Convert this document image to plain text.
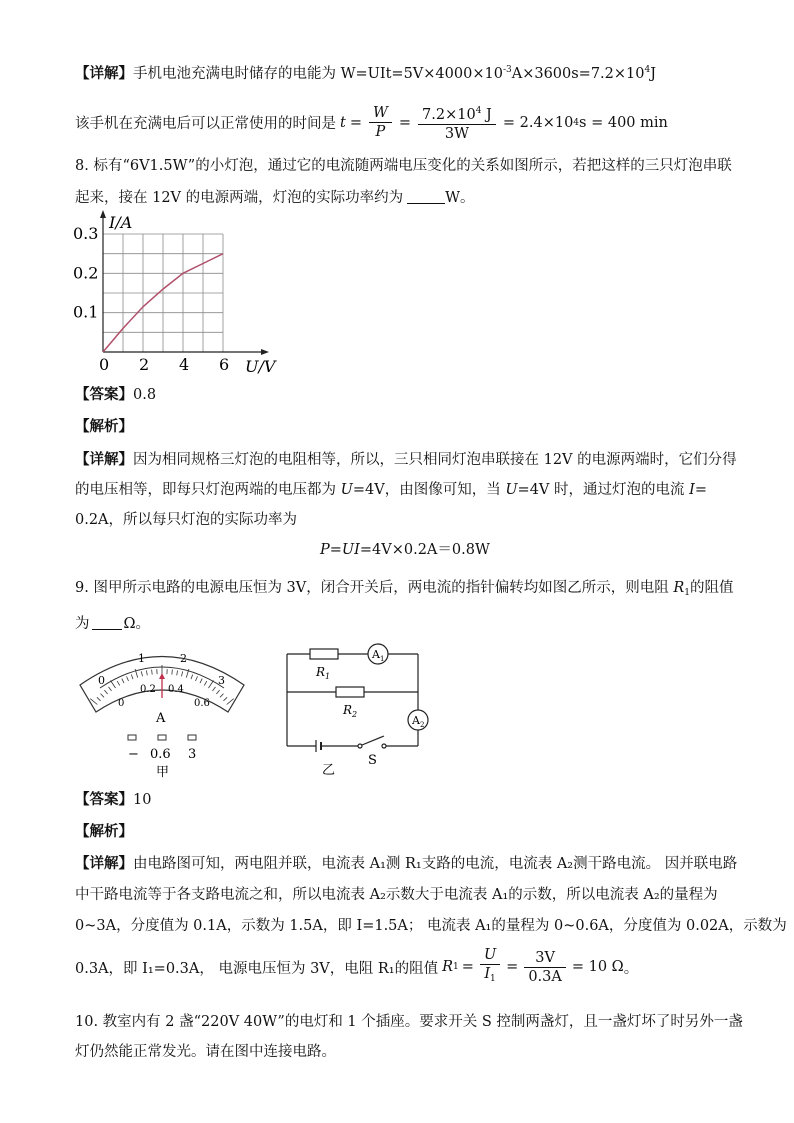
【详解】手机电池充满电时储存的电能为 $W=UIt=5V\times 4000\times 10^{-3}A\times 3600s=7.2\times 10^4J$
该手机在充满电后可以正常使用的时间是 $t = \frac{W}{P} = \frac{7.2\times 10^4 J}{3W} = 2.4\times 10$ 4 s = 400 min
8. 标有“6V1.5W”的小灯泡，通过它的电流随两端电压变化的关系如图所示，若把这样的三只灯泡串联
起来，接在 12V 的电源两端，灯泡的实际功率约为	W。
0 2 4 6
0.1
0.2
0.3
I/A
U/V
【答案】0.8
【解析】
【详解】因为相同规格三灯泡的电阻相等，所以，三只相同灯泡串联接在 12V 的电源两端时，它们分得
的电压相等，即每只灯泡两端的电压都为 U=4V，由图像可知，当 U=4V 时，通过灯泡的电流 I=
0.2A，所以每只灯泡的实际功率为
P=UI=4V×0.2A＝0.8W
9. 图甲所示电路的电源电压恒为 3V，闭合开关后，两电流的指针偏转均如图乙所示，则电阻 $R_1$的阻值
为 Ω。
0
1	2
3
0
0.2 0.4
0.6
A
− 0.6 3
甲
$R_1$
$A_1$
$R_2$	$A_2$
S
乙
【答案】10
【解析】
【详解】由电路图可知，两电阻并联，电流表 A₁测 R₁支路的电流，电流表 A₂测干路电流。 因并联电路
中干路电流等于各支路电流之和，所以电流表 A₂示数大于电流表 A₁的示数，所以电流表 A₂的量程为
0~3A，分度值为 0.1A，示数为 1.5A，即 I=1.5A； 电流表 A₁的量程为 0~0.6A，分度值为 0.02A，示数为
0.3A，即 I₁=0.3A， 电源电压恒为 3V，电阻 R₁的阻值 R $1 = \frac{U}{I_1} = \frac{3V}{0.3A} = 10$ Ω 。
10. 教室内有 2 盏“220V 40W”的电灯和 1 个插座。要求开关 S 控制两盏灯，且一盏灯坏了时另外一盏
灯仍然能正常发光。请在图中连接电路。
